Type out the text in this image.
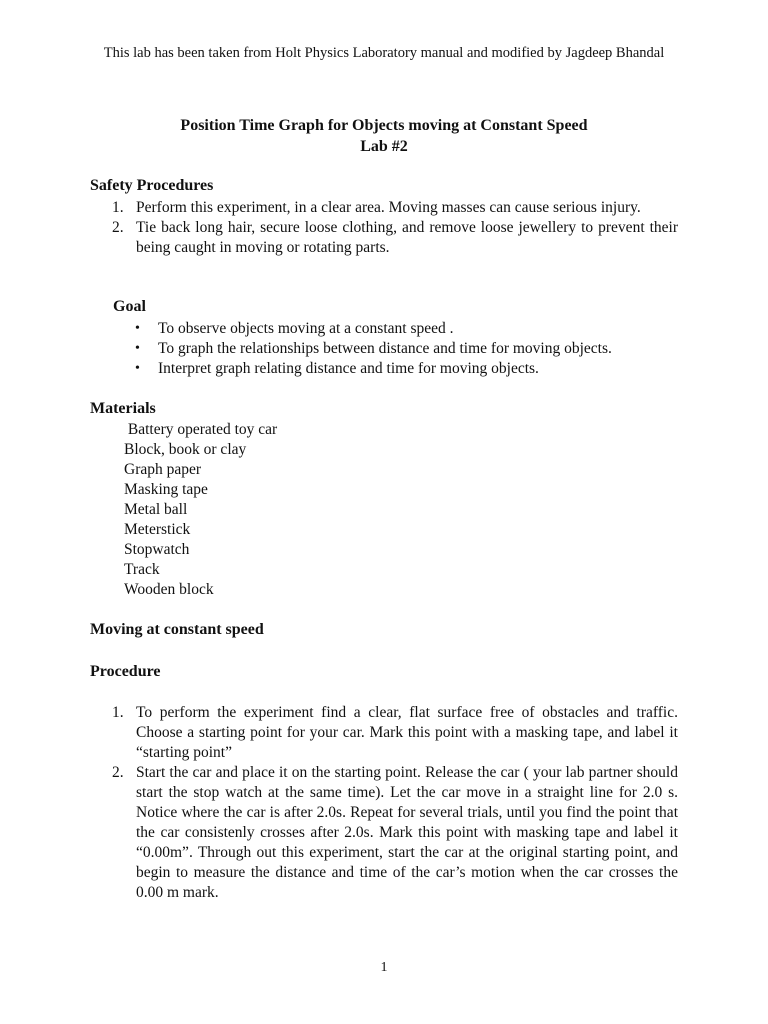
This lab has been taken from Holt Physics Laboratory manual and modified by Jagdeep Bhandal
Position Time Graph for Objects moving at Constant Speed
Lab #2
Safety Procedures
1. Perform this experiment, in a clear area. Moving masses can cause serious injury.
2. Tie back long hair, secure loose clothing, and remove loose jewellery to prevent their being caught in moving or rotating parts.
Goal
• To observe objects moving at a constant speed .
• To graph the relationships between distance and time for moving objects.
• Interpret graph relating distance and time for moving objects.
Materials
Battery operated toy car
Block, book or clay
Graph paper
Masking tape
Metal ball
Meterstick
Stopwatch
Track
Wooden block
Moving at constant speed
Procedure
1. To perform the experiment find a clear, flat surface free of obstacles and traffic. Choose a starting point for your car. Mark this point with a masking tape, and label it “starting point”
2. Start the car and place it on the starting point. Release the car ( your lab partner should start the stop watch at the same time). Let the car move in a straight line for 2.0 s. Notice where the car is after 2.0s. Repeat for several trials, until you find the point that the car consistenly crosses after 2.0s. Mark this point with masking tape and label it “0.00m”. Through out this experiment, start the car at the original starting point, and begin to measure the distance and time of the car’s motion when the car crosses the 0.00 m mark.
1
